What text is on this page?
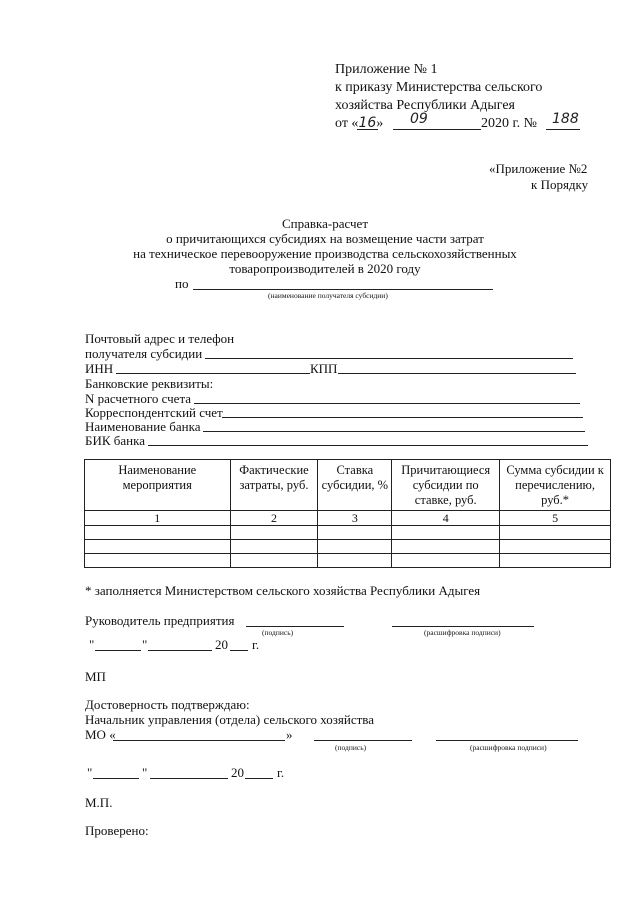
Приложение № 1
к приказу Министерства сельского
хозяйства Республики Адыгея
от «16» 09	2020 г. № 188
«Приложение №2
к Порядку
Справка-расчет
о причитающихся субсидиях на возмещение части затрат
на техническое перевооружение производства сельскохозяйственных
товаропроизводителей в 2020 году
по
(наименование получателя субсидии)
Почтовый адрес и телефон
получателя субсидии
ИНН	КПП
Банковские реквизиты:
N расчетного счета
Корреспондентский счет
Наименование банка
БИК банка
Наименование мероприятия	Фактические затраты, руб.	Ставка субсидии, %	Причитающиеся субсидии по ставке, руб.	Сумма субсидии к перечислению, руб.*
1	2	3	4	5

* заполняется Министерством сельского хозяйства Республики Адыгея
Руководитель предприятия
(подпись)	(расшифровка подписи)
"	"	20 г.
МП
Достоверность подтверждаю:
Начальник управления (отдела) сельского хозяйства
МО «	»
(подпись)	(расшифровка подписи)
"	"	20	г.
М.П.
Проверено:
